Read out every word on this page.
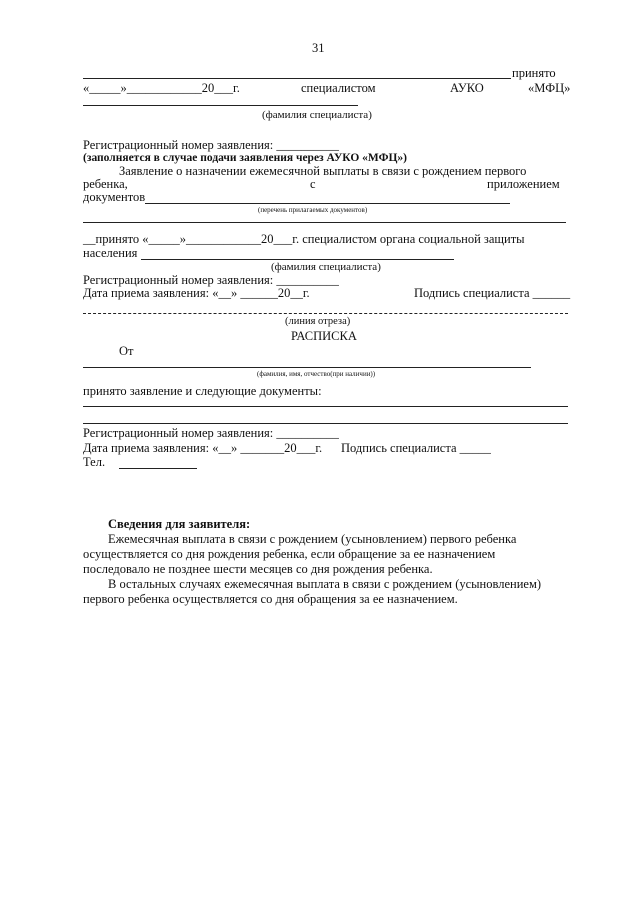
31
принято
«_____»____________20___г.	специалистом	АУКО	«МФЦ»
(фамилия специалиста)
Регистрационный номер заявления: __________
(заполняется в случае подачи заявления через АУКО «МФЦ»)
Заявление о назначении ежемесячной выплаты в связи с рождением первого
ребенка,	с	приложением
документов
(перечень прилагаемых документов)
__принято «_____»____________20___г. специалистом органа социальной защиты
населения
(фамилия специалиста)
Регистрационный номер заявления: __________
Дата приема заявления: «__» ______20__г.	Подпись специалиста ______
(линия отреза)
РАСПИСКА
От
(фамилия, имя, отчество(при наличии))
принято заявление и следующие документы:
Регистрационный номер заявления: __________
Дата приема заявления: «__» _______20___г. Подпись специалиста _____
Тел.
Сведения для заявителя:
Ежемесячная выплата в связи с рождением (усыновлением) первого ребенка
осуществляется со дня рождения ребенка, если обращение за ее назначением
последовало не позднее шести месяцев со дня рождения ребенка.
В остальных случаях ежемесячная выплата в связи с рождением (усыновлением)
первого ребенка осуществляется со дня обращения за ее назначением.
